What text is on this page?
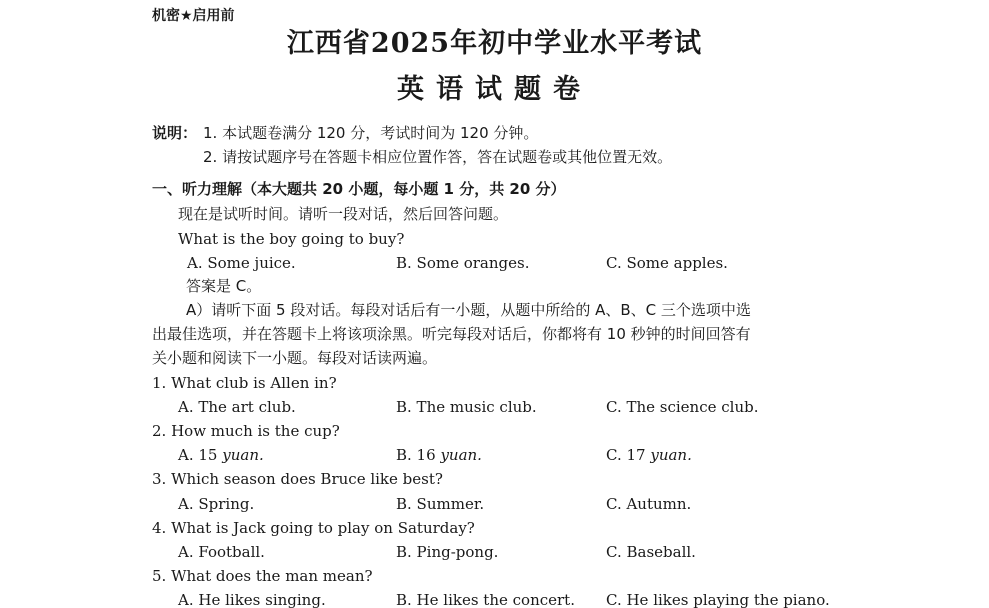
机密★启用前
江西省2025年初中学业水平考试
英语试题卷
说明： 1. 本试题卷满分 120 分，考试时间为 120 分钟。
2. 请按试题序号在答题卡相应位置作答，答在试题卷或其他位置无效。
一、听力理解（本大题共 20 小题，每小题 1 分，共 20 分）
现在是试听时间。请听一段对话，然后回答问题。
What is the boy going to buy?
A. Some juice.	B. Some oranges.	C. Some apples.
答案是 C。
A）请听下面 5 段对话。每段对话后有一小题，从题中所给的 A、B、C 三个选项中选
出最佳选项，并在答题卡上将该项涂黑。听完每段对话后，你都将有 10 秒钟的时间回答有
关小题和阅读下一小题。每段对话读两遍。
1. What club is Allen in?
A. The art club.	B. The music club.	C. The science club.
2. How much is the cup?
A. 15 yuan.	B. 16 yuan.	C. 17 yuan.
3. Which season does Bruce like best?
A. Spring.	B. Summer.	C. Autumn.
4. What is Jack going to play on Saturday?
A. Football.	B. Ping-pong.	C. Baseball.
5. What does the man mean?
A. He likes singing.	B. He likes the concert. C. He likes playing the piano.
